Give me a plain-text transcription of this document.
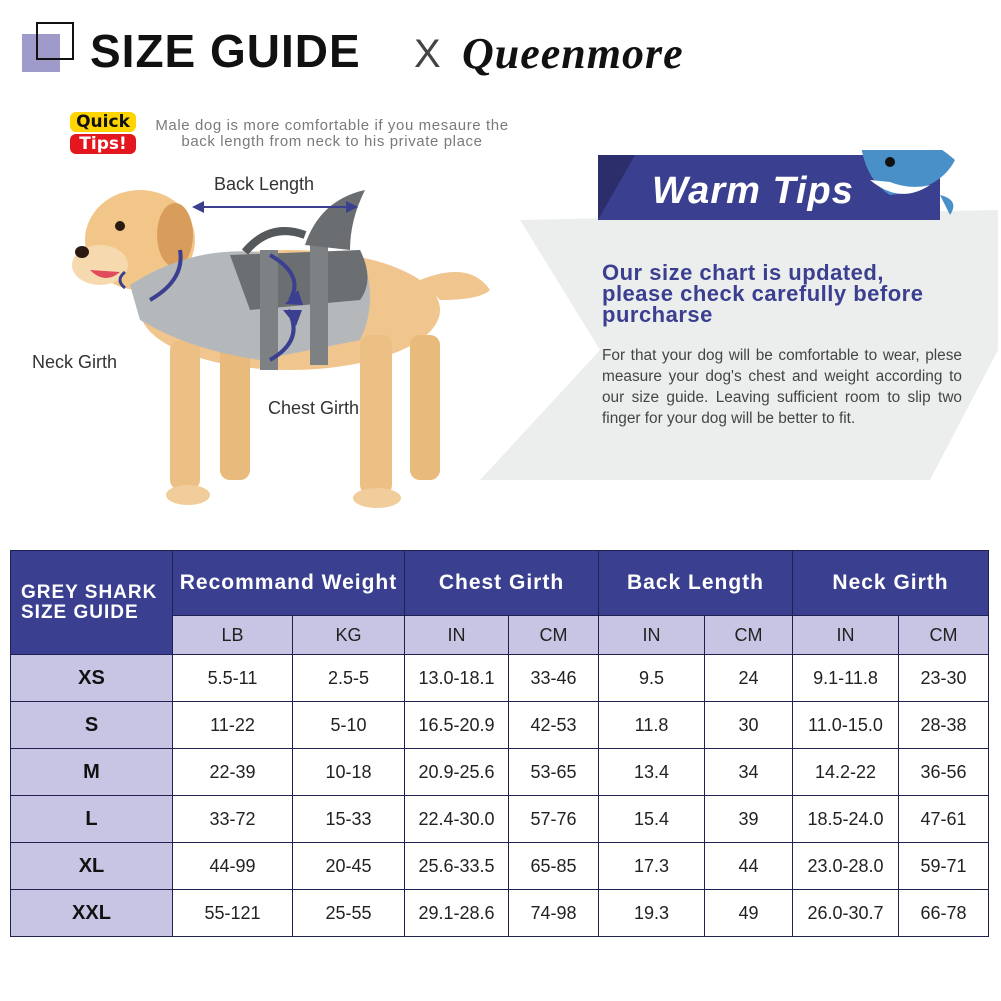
SIZE GUIDE X Queenmore
Quick
Tips!
Male dog is more comfortable if you mesaure the back length from neck to his private place
Back Length
Neck Girth
Chest Girth
Warm Tips
Our size chart is updated, please check carefully before purcharse
For that your dog will be comfortable to wear, plese measure your dog's chest and weight according to our size guide. Leaving sufficient room to slip two finger for your dog will be better to fit.
GREY SHARK
SIZE GUIDE	Recommand Weight		Chest Girth		Back Length		Neck Girth	
	LB	KG	IN	CM	IN	CM	IN	CM
XS	5.5-11	2.5-5	13.0-18.1	33-46	9.5	24	9.1-11.8	23-30
S	11-22	5-10	16.5-20.9	42-53	11.8	30	11.0-15.0	28-38
M	22-39	10-18	20.9-25.6	53-65	13.4	34	14.2-22	36-56
L	33-72	15-33	22.4-30.0	57-76	15.4	39	18.5-24.0	47-61
XL	44-99	20-45	25.6-33.5	65-85	17.3	44	23.0-28.0	59-71
XXL	55-121	25-55	29.1-28.6	74-98	19.3	49	26.0-30.7	66-78
